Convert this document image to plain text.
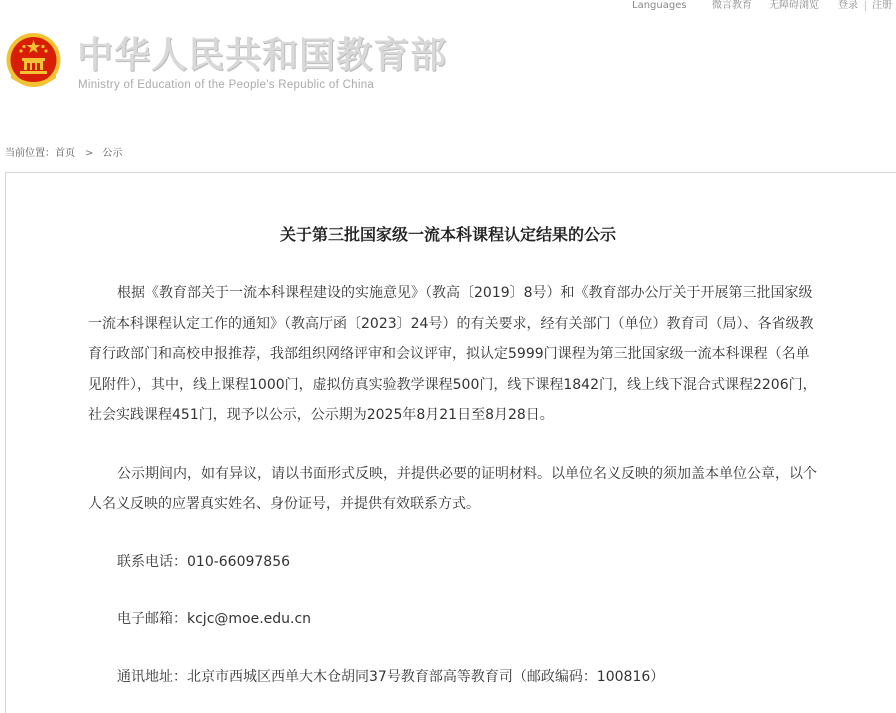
Languages	微言教育 无障碍浏览 登录 注册
中华人民共和国教育部
Ministry of Education of the People's Republic of China
当前位置：首页 > 公示
关于第三批国家级一流本科课程认定结果的公示

根据《教育部关于一流本科课程建设的实施意见》（教高〔2019〕8号）和《教育部办公厅关于开展第三批国家级一流本科课程认定工作的通知》（教高厅函〔2023〕24号）的有关要求，经有关部门（单位）教育司（局）、各省级教育行政部门和高校申报推荐，我部组织网络评审和会议评审，拟认定5999门课程为第三批国家级一流本科课程（名单见附件），其中，线上课程1000门，虚拟仿真实验教学课程500门，线下课程1842门，线上线下混合式课程2206门，社会实践课程451门，现予以公示，公示期为2025年8月21日至8月28日。

公示期间内，如有异议，请以书面形式反映，并提供必要的证明材料。以单位名义反映的须加盖本单位公章，以个人名义反映的应署真实姓名、身份证号，并提供有效联系方式。

联系电话：010-66097856

电子邮箱：kcjc@moe.edu.cn

通讯地址：北京市西城区西单大木仓胡同37号教育部高等教育司（邮政编码：100816）
